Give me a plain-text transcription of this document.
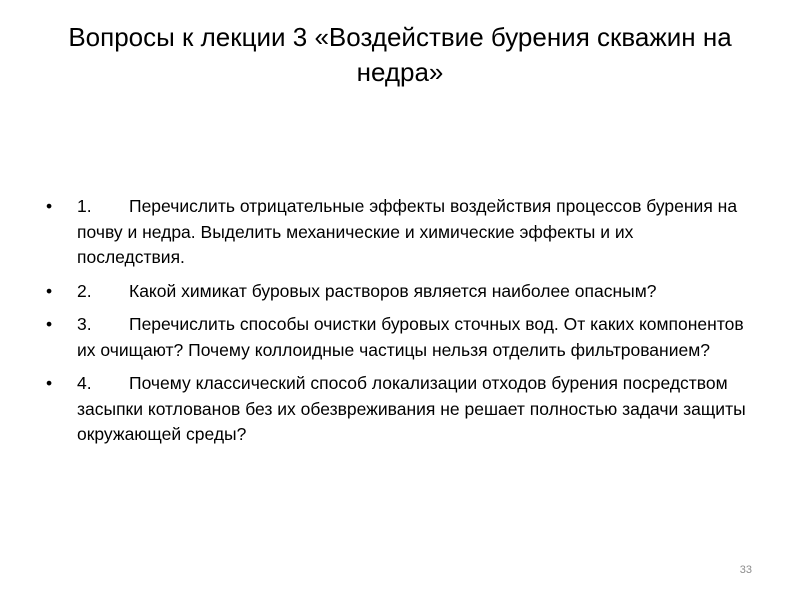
Вопросы к лекции 3 «Воздействие бурения скважин на недра»
•	1. Перечислить отрицательные эффекты воздействия процессов бурения на почву и недра. Выделить механические и химические эффекты и их последствия.
•	2. Какой химикат буровых растворов является наиболее опасным?
•	3. Перечислить способы очистки буровых сточных вод. От каких компонентов их очищают? Почему коллоидные частицы нельзя отделить фильтрованием?
•	4. Почему классический способ локализации отходов бурения посредством засыпки котлованов без их обезвреживания не решает полностью задачи защиты окружающей среды?
33
